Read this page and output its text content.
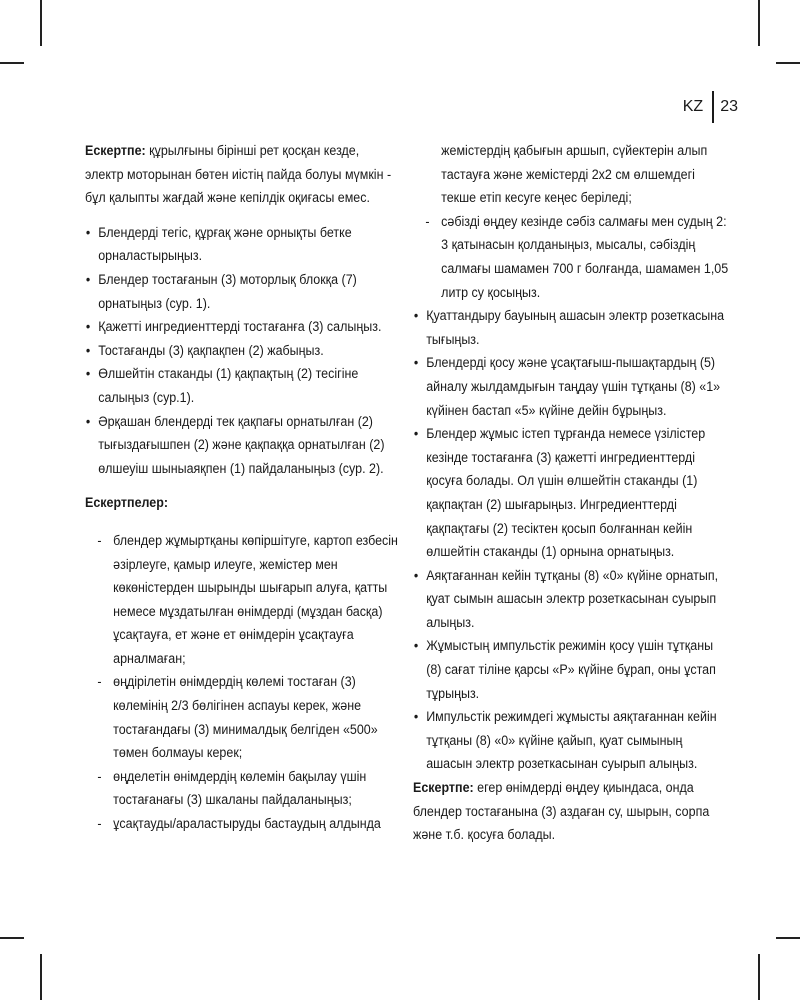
KZ	23

Ескертпе: құрылғыны бірінші рет қосқан кезде, электр моторынан бөтен иістің пайда болуы мүмкін - бұл қалыпты жағдай және кепілдік оқиғасы емес.

• Блендерді тегіс, құрғақ және орнықты бетке орналастырыңыз.
• Блендер тостағанын (3) моторлық блокқа (7) орнатыңыз (сур. 1).
• Қажетті ингредиенттерді тостағанға (3) салыңыз.
• Тостағанды (3) қақпақпен (2) жабыңыз.
• Өлшейтін стаканды (1) қақпақтың (2) тесігіне салыңыз (сур.1).
• Әрқашан блендерді тек қақпағы орнатылған (2) тығыздағышпен (2) және қақпаққа орнатылған (2) өлшеуіш шыныаяқпен (1) пайдаланыңыз (сур. 2).

Ескертпелер:

- блендер жұмыртқаны көпіршітуге, картоп езбесін әзірлеуге, қамыр илеуге, жемістер мен көкөністерден шырынды шығарып алуға, қатты немесе мұздатылған өнімдерді (мұздан басқа) ұсақтауға, ет және ет өнімдерін ұсақтауға арналмаған;
- өңдірілетін өнімдердің көлемі тостаған (3) көлемінің 2/3 бөлігінен аспауы керек, және тостағандағы (3) минималдық белгіден «500» төмен болмауы керек;
- өңделетін өнімдердің көлемін бақылау үшін тостағанағы (3) шкаланы пайдаланыңыз;
- ұсақтауды/араластыруды бастаудың алдында
жемістердің қабығын аршып, сүйектерін алып тастауға және жемістерді 2х2 см өлшемдегі текше етіп кесуге кеңес беріледі;
- сәбізді өңдеу кезінде сәбіз салмағы мен судың 2: 3 қатынасын қолданыңыз, мысалы, сәбіздің салмағы шамамен 700 г болғанда, шамамен 1,05 литр су қосыңыз.
• Қуаттандыру бауының ашасын электр розеткасына тығыңыз.
• Блендерді қосу және ұсақтағыш-пышақтардың (5) айналу жылдамдығын таңдау үшін тұтқаны (8) «1» күйінен бастап «5» күйіне дейін бұрыңыз.
• Блендер жұмыс істеп тұрғанда немесе үзілістер кезінде тостағанға (3) қажетті ингредиенттерді қосуға болады. Ол үшін өлшейтін стаканды (1) қақпақтан (2) шығарыңыз. Ингредиенттерді қақпақтағы (2) тесіктен қосып болғаннан кейін өлшейтін стаканды (1) орнына орнатыңыз.
• Аяқтағаннан кейін тұтқаны (8) «0» күйіне орнатып, қуат сымын ашасын электр розеткасынан суырып алыңыз.
• Жұмыстың импульстік режимін қосу үшін тұтқаны (8) сағат тіліне қарсы «P» күйіне бұрап, оны ұстап тұрыңыз.
• Импульстік режимдегі жұмысты аяқтағаннан кейін тұтқаны (8) «0» күйіне қайып, қуат сымының ашасын электр розеткасынан суырып алыңыз.

Ескертпе: егер өнімдерді өңдеу қиындаса, онда блендер тостағанына (3) аздаған су, шырын, сорпа және т.б. қосуға болады.
